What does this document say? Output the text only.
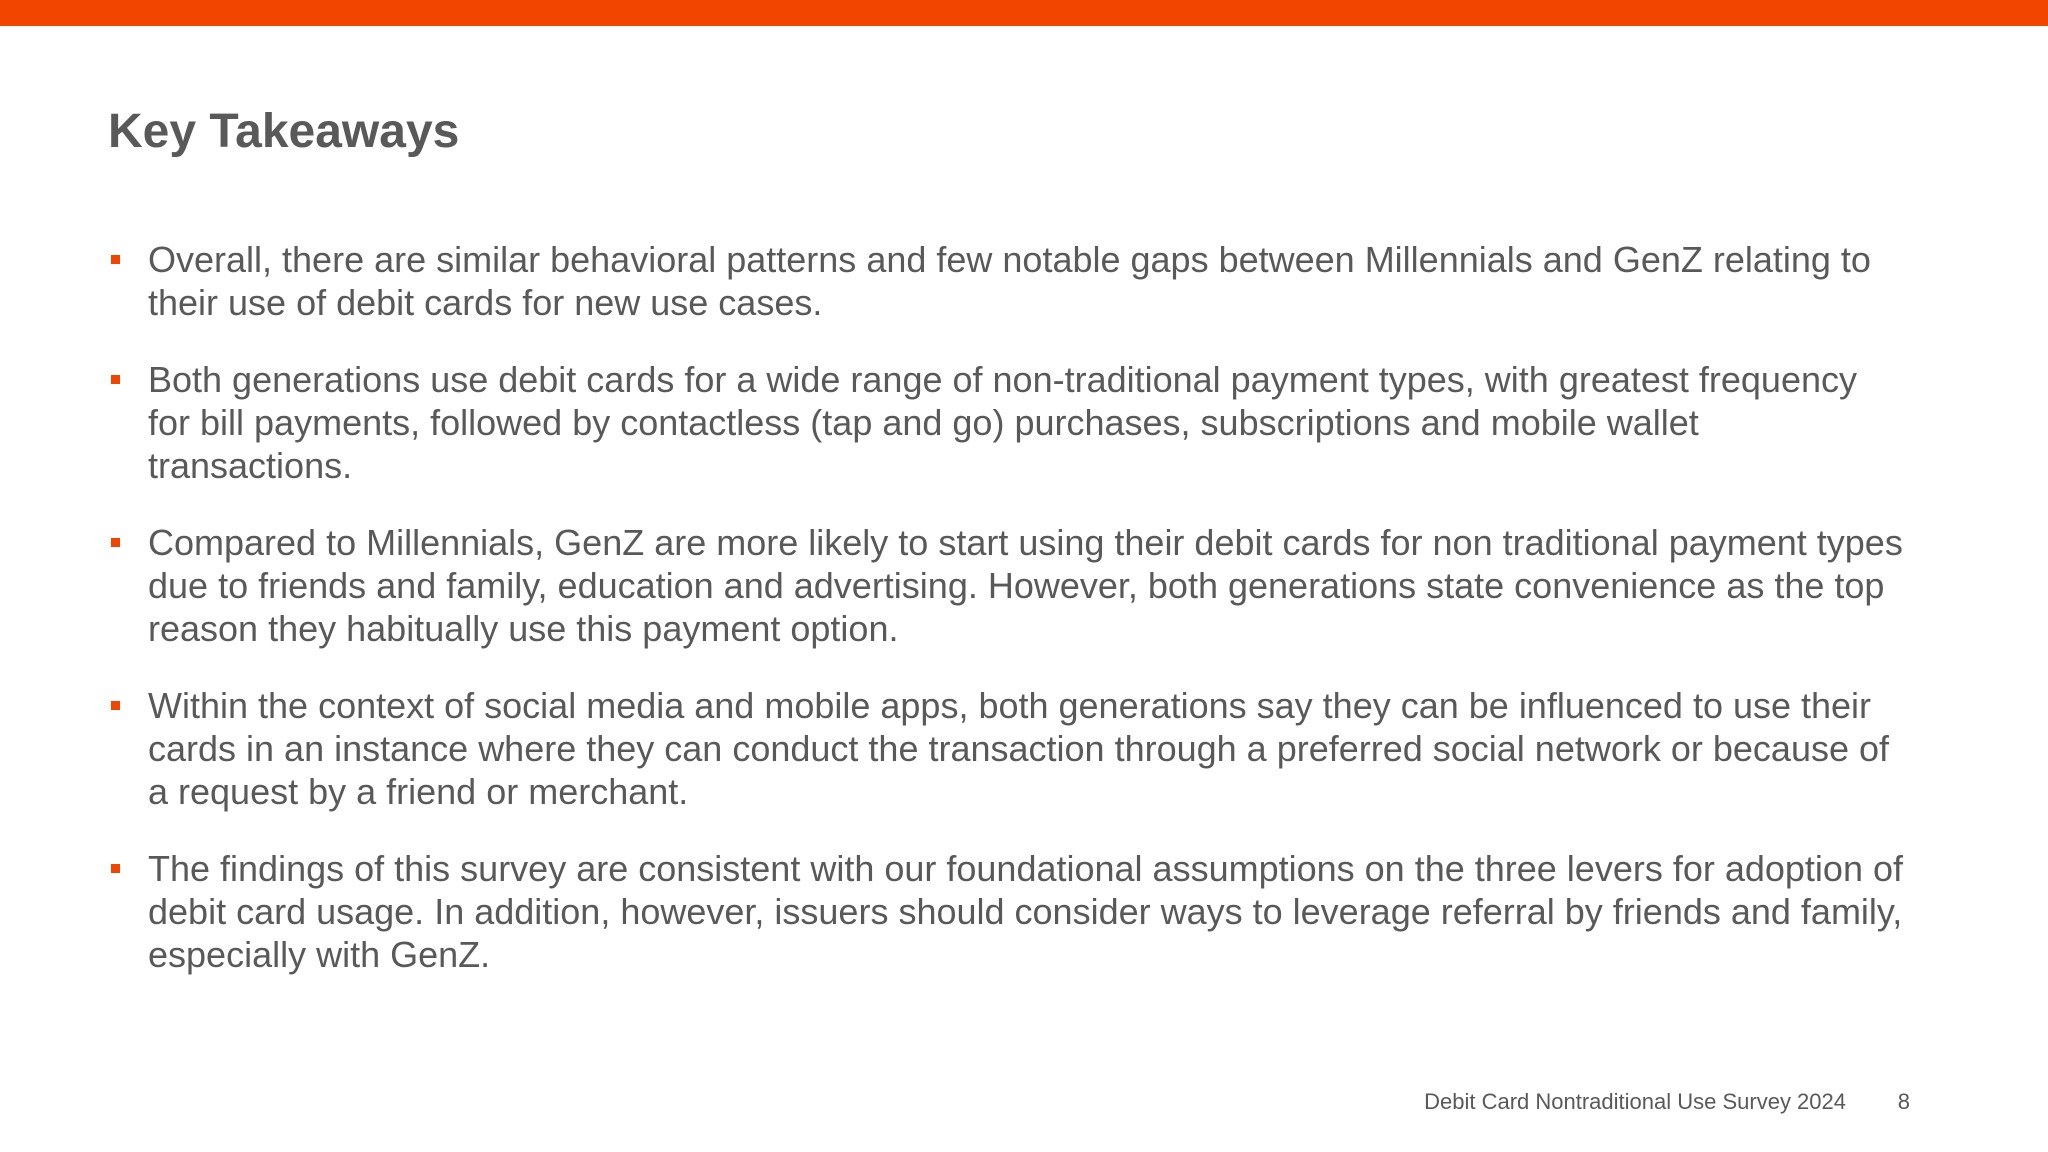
Key Takeaways
Overall, there are similar behavioral patterns and few notable gaps between Millennials and GenZ relating to their use of debit cards for new use cases.
Both generations use debit cards for a wide range of non-traditional payment types, with greatest frequency for bill payments, followed by contactless (tap and go) purchases, subscriptions and mobile wallet transactions.
Compared to Millennials, GenZ are more likely to start using their debit cards for non traditional payment types due to friends and family, education and advertising. However, both generations state convenience as the top reason they habitually use this payment option.
Within the context of social media and mobile apps, both generations say they can be influenced to use their cards in an instance where they can conduct the transaction through a preferred social network or because of a request by a friend or merchant.
The findings of this survey are consistent with our foundational assumptions on the three levers for adoption of debit card usage. In addition, however, issuers should consider ways to leverage referral by friends and family, especially with GenZ.
Debit Card Nontraditional Use Survey 2024 8
